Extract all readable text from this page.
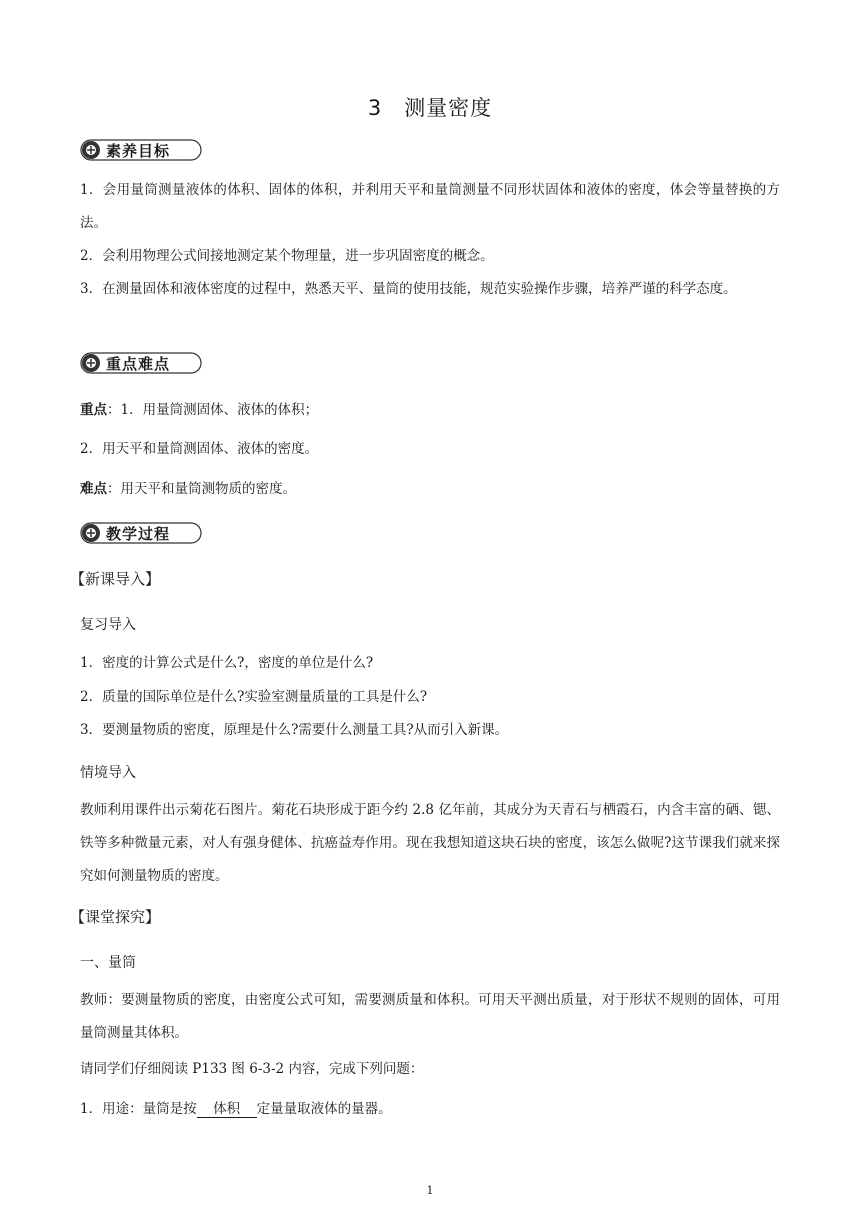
3 测量密度
素养目标
1．会用量筒测量液体的体积、固体的体积，并利用天平和量筒测量不同形状固体和液体的密度，体会等量替换的方法。
2．会利用物理公式间接地测定某个物理量，进一步巩固密度的概念。
3．在测量固体和液体密度的过程中，熟悉天平、量筒的使用技能，规范实验操作步骤，培养严谨的科学态度。
重点难点
重点：1．用量筒测固体、液体的体积；
2．用天平和量筒测固体、液体的密度。
难点：用天平和量筒测物质的密度。
教学过程
【新课导入】
复习导入
1．密度的计算公式是什么?，密度的单位是什么?
2．质量的国际单位是什么?实验室测量质量的工具是什么?
3．要测量物质的密度，原理是什么?需要什么测量工具?从而引入新课。
情境导入
教师利用课件出示菊花石图片。菊花石块形成于距今约 2.8 亿年前，其成分为天青石与栖霞石，内含丰富的硒、锶、铁等多种微量元素，对人有强身健体、抗癌益寿作用。现在我想知道这块石块的密度，该怎么做呢?这节课我们就来探究如何测量物质的密度。
【课堂探究】
一、量筒
教师：要测量物质的密度，由密度公式可知，需要测质量和体积。可用天平测出质量，对于形状不规则的固体，可用量筒测量其体积。
请同学们仔细阅读 P133 图 6-3-2 内容，完成下列问题：
1．用途：量筒是按 体积 定量量取液体的量器。
1
